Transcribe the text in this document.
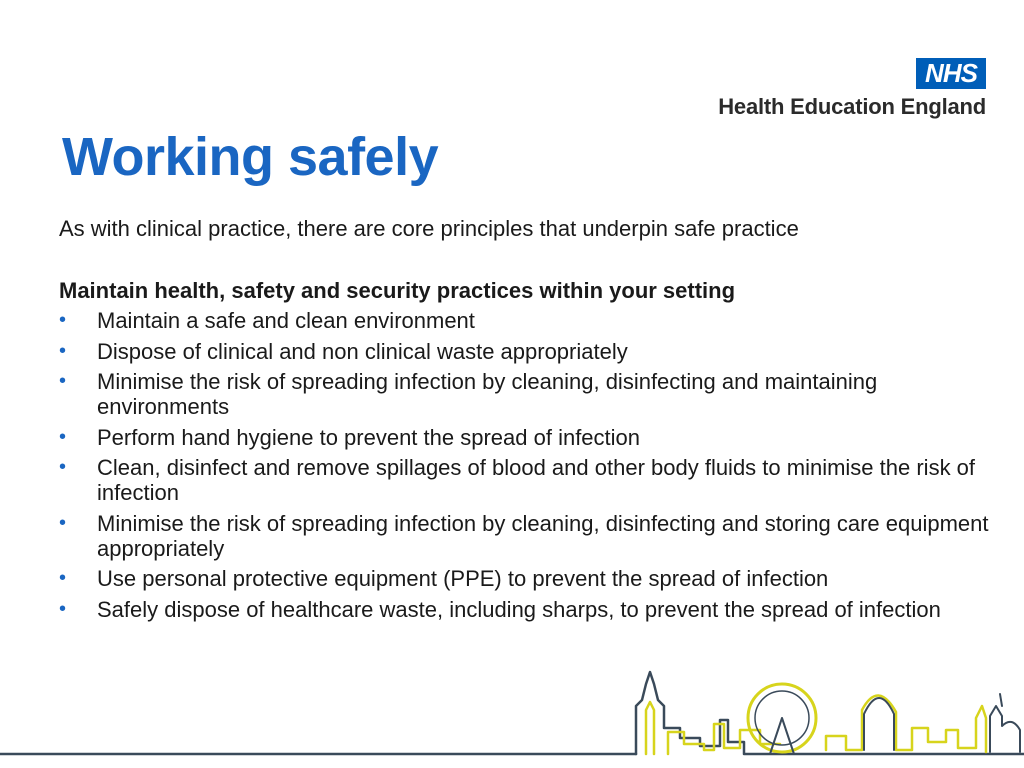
NHS
Health Education England
Working safely

As with clinical practice, there are core principles that underpin safe practice

Maintain health, safety and security practices within your setting

• Maintain a safe and clean environment
• Dispose of clinical and non clinical waste appropriately
• Minimise the risk of spreading infection by cleaning, disinfecting and maintaining environments
• Perform hand hygiene to prevent the spread of infection
• Clean, disinfect and remove spillages of blood and other body fluids to minimise the risk of infection
• Minimise the risk of spreading infection by cleaning, disinfecting and storing care equipment appropriately
• Use personal protective equipment (PPE) to prevent the spread of infection
• Safely dispose of healthcare waste, including sharps, to prevent the spread of infection
